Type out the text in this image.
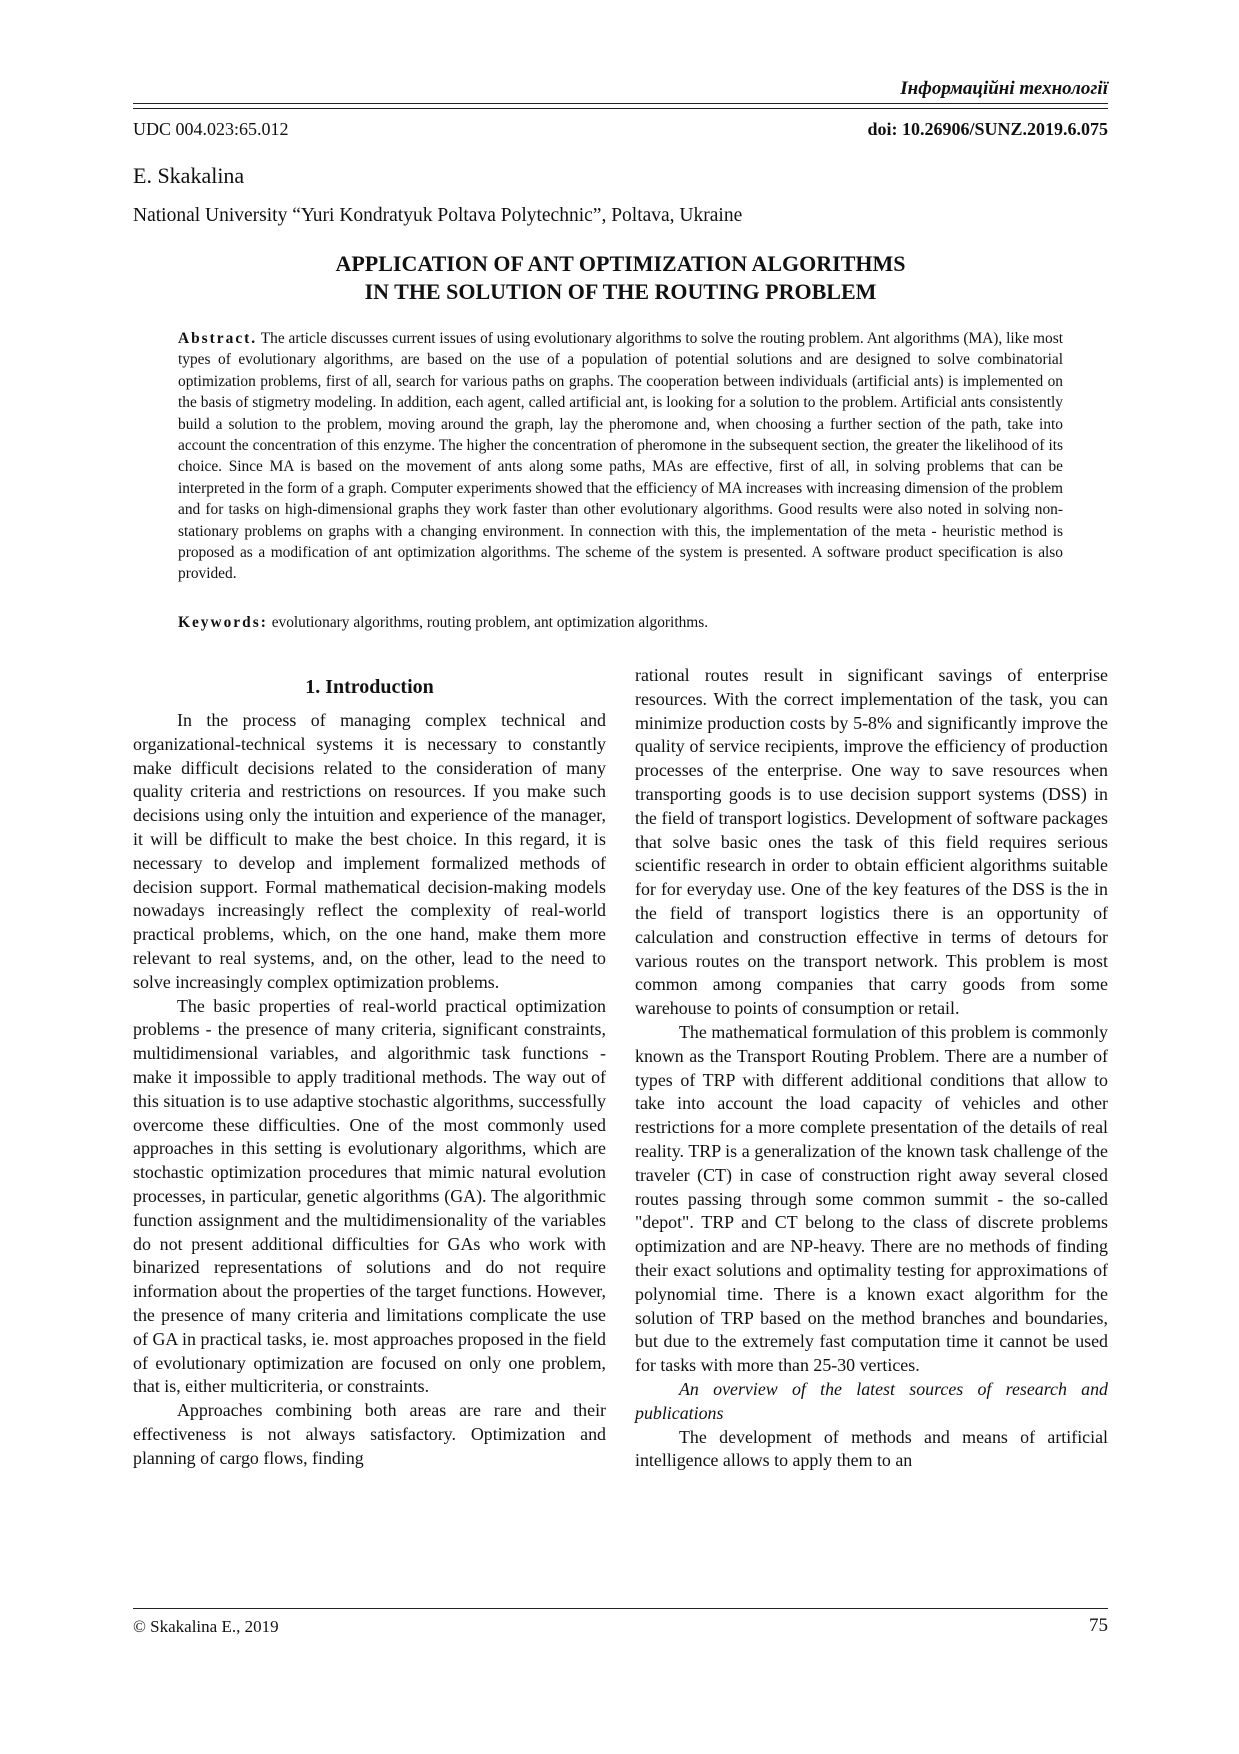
Інформаційні технології
UDC 004.023:65.012	doi: 10.26906/SUNZ.2019.6.075
E. Skakalina
National University “Yuri Kondratyuk Poltava Polytechnic”, Poltava, Ukraine
APPLICATION OF ANT OPTIMIZATION ALGORITHMS
IN THE SOLUTION OF THE ROUTING PROBLEM
Abstract. The article discusses current issues of using evolutionary algorithms to solve the routing problem. Ant algorithms (MA), like most types of evolutionary algorithms, are based on the use of a population of potential solutions and are designed to solve combinatorial optimization problems, first of all, search for various paths on graphs. The cooperation between individuals (artificial ants) is implemented on the basis of stigmetry modeling. In addition, each agent, called artificial ant, is looking for a solution to the problem. Artificial ants consistently build a solution to the problem, moving around the graph, lay the pheromone and, when choosing a further section of the path, take into account the concentration of this enzyme. The higher the concentration of pheromone in the subsequent section, the greater the likelihood of its choice. Since MA is based on the movement of ants along some paths, MAs are effective, first of all, in solving problems that can be interpreted in the form of a graph. Computer experiments showed that the efficiency of MA increases with increasing dimension of the problem and for tasks on high-dimensional graphs they work faster than other evolutionary algorithms. Good results were also noted in solving non-stationary problems on graphs with a changing environment. In connection with this, the implementation of the meta - heuristic method is proposed as a modification of ant optimization algorithms. The scheme of the system is presented. A software product specification is also provided.
Keywords: evolutionary algorithms, routing problem, ant optimization algorithms.
1. Introduction

In the process of managing complex technical and organizational-technical systems it is necessary to constantly make difficult decisions related to the consideration of many quality criteria and restrictions on resources. If you make such decisions using only the intuition and experience of the manager, it will be difficult to make the best choice. In this regard, it is necessary to develop and implement formalized methods of decision support. Formal mathematical decision-making models nowadays increasingly reflect the complexity of real-world practical problems, which, on the one hand, make them more relevant to real systems, and, on the other, lead to the need to solve increasingly complex optimization problems.

The basic properties of real-world practical optimization problems - the presence of many criteria, significant constraints, multidimensional variables, and algorithmic task functions - make it impossible to apply traditional methods. The way out of this situation is to use adaptive stochastic algorithms, successfully overcome these difficulties. One of the most commonly used approaches in this setting is evolutionary algorithms, which are stochastic optimization procedures that mimic natural evolution processes, in particular, genetic algorithms (GA). The algorithmic function assignment and the multidimensionality of the variables do not present additional difficulties for GAs who work with binarized representations of solutions and do not require information about the properties of the target functions. However, the presence of many criteria and limitations complicate the use of GA in practical tasks, ie. most approaches proposed in the field of evolutionary optimization are focused on only one problem, that is, either multicriteria, or constraints.

Approaches combining both areas are rare and their effectiveness is not always satisfactory. Optimization and planning of cargo flows, finding

rational routes result in significant savings of enterprise resources. With the correct implementation of the task, you can minimize production costs by 5-8% and significantly improve the quality of service recipients, improve the efficiency of production processes of the enterprise. One way to save resources when transporting goods is to use decision support systems (DSS) in the field of transport logistics. Development of software packages that solve basic ones the task of this field requires serious scientific research in order to obtain efficient algorithms suitable for for everyday use. One of the key features of the DSS is the in the field of transport logistics there is an opportunity of calculation and construction effective in terms of detours for various routes on the transport network. This problem is most common among companies that carry goods from some warehouse to points of consumption or retail.

The mathematical formulation of this problem is commonly known as the Transport Routing Problem. There are a number of types of TRP with different additional conditions that allow to take into account the load capacity of vehicles and other restrictions for a more complete presentation of the details of real reality. TRP is a generalization of the known task challenge of the traveler (CT) in case of construction right away several closed routes passing through some common summit - the so-called "depot". TRP and CT belong to the class of discrete problems optimization and are NP-heavy. There are no methods of finding their exact solutions and optimality testing for approximations of polynomial time. There is a known exact algorithm for the solution of TRP based on the method branches and boundaries, but due to the extremely fast computation time it cannot be used for tasks with more than 25-30 vertices.

An overview of the latest sources of research and publications

The development of methods and means of artificial intelligence allows to apply them to an

© Skakalina E., 2019	75
